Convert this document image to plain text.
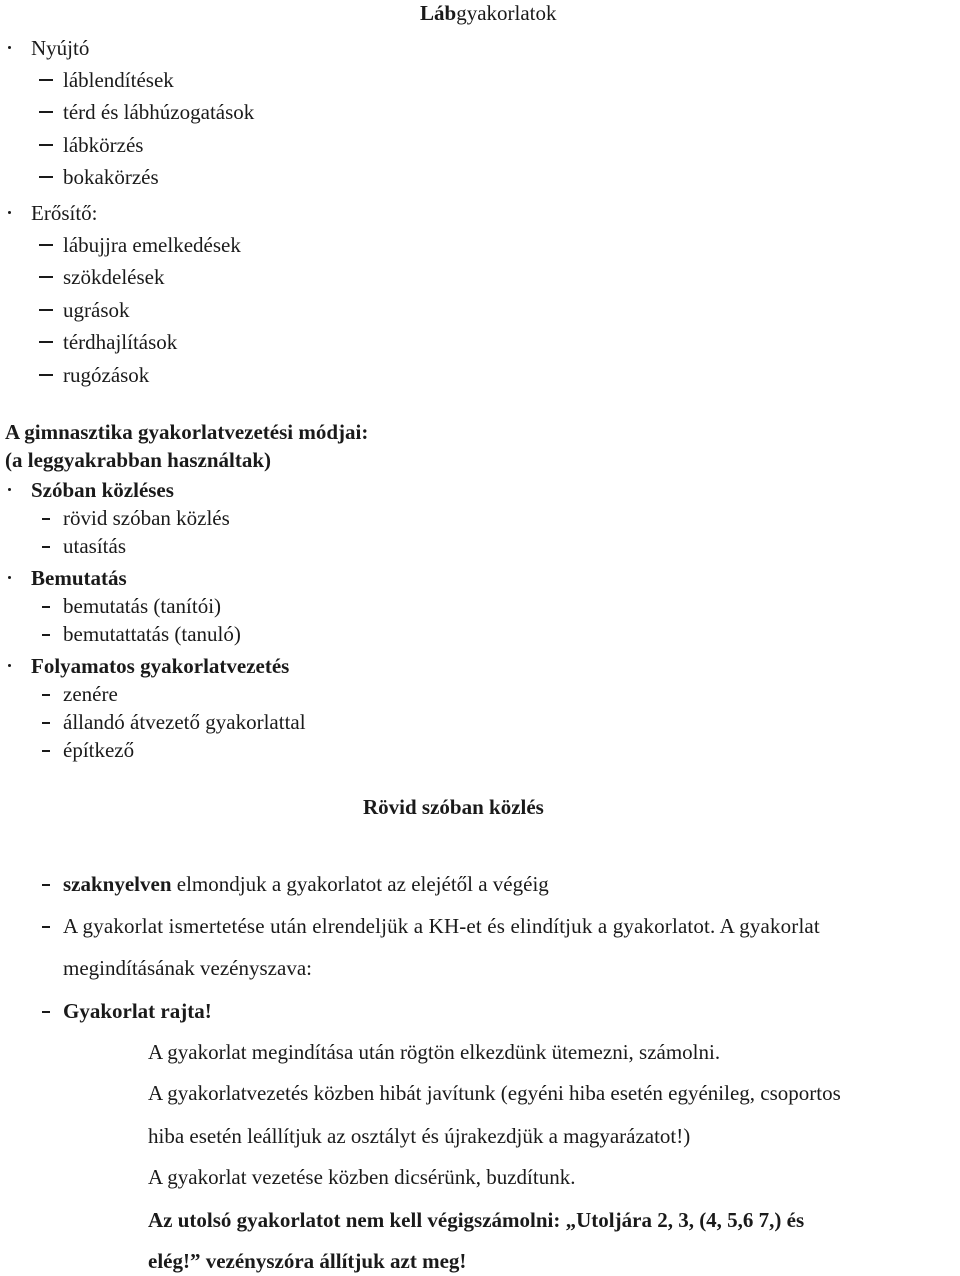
Lábgyakorlatok
Nyújtó
láblendítések
térd és lábhúzogatások
lábkörzés
bokakörzés
Erősítő:
lábujjra emelkedések
szökdelések
ugrások
térdhajlítások
rugózások
A gimnasztika gyakorlatvezetési módjai:
(a leggyakrabban használtak)
Szóban közléses
rövid szóban közlés
utasítás
Bemutatás
bemutatás (tanítói)
bemutattatás (tanuló)
Folyamatos gyakorlatvezetés
zenére
állandó átvezető gyakorlattal
építkező
Rövid szóban közlés
szaknyelven elmondjuk a gyakorlatot az elejétől a végéig
A gyakorlat ismertetése után elrendeljük a KH-et és elindítjuk a gyakorlatot. A gyakorlat
megindításának vezényszava:
Gyakorlat rajta!
A gyakorlat megindítása után rögtön elkezdünk ütemezni, számolni.
A gyakorlatvezetés közben hibát javítunk (egyéni hiba esetén egyénileg, csoportos
hiba esetén leállítjuk az osztályt és újrakezdjük a magyarázatot!)
A gyakorlat vezetése közben dicsérünk, buzdítunk.
Az utolsó gyakorlatot nem kell végigszámolni: „Utoljára 2, 3, (4, 5,6 7,) és
elég!” vezényszóra állítjuk azt meg!
